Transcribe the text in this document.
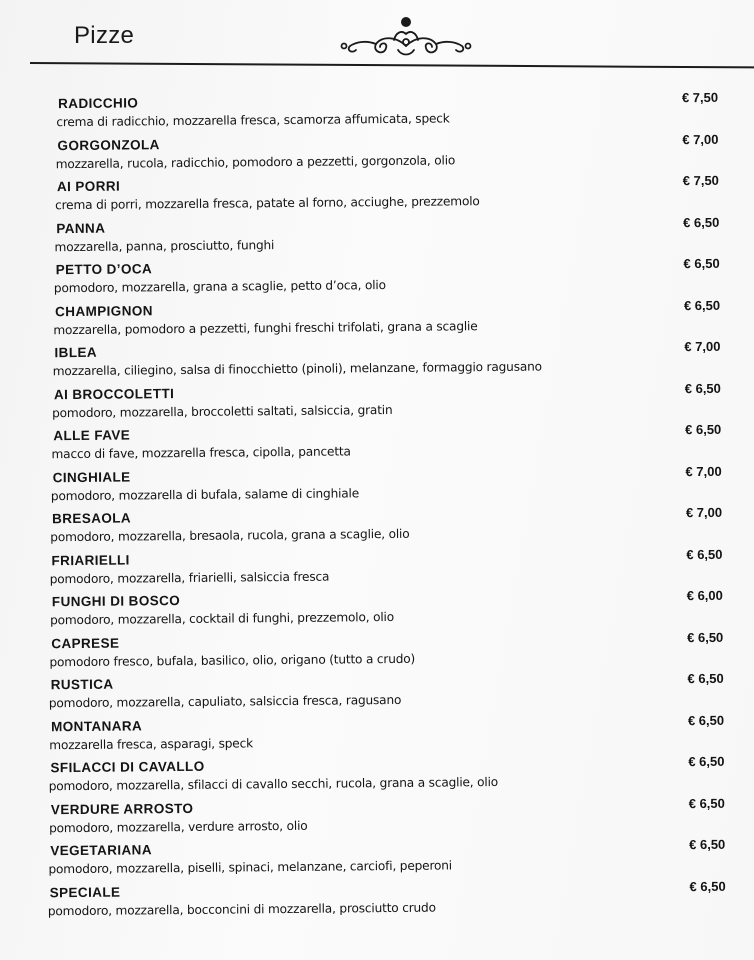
Pizze
RADICCHIO
crema di radicchio, mozzarella fresca, scamorza affumicata, speck
€ 7,50
GORGONZOLA
mozzarella, rucola, radicchio, pomodoro a pezzetti, gorgonzola, olio
€ 7,00
AI PORRI
crema di porri, mozzarella fresca, patate al forno, acciughe, prezzemolo
€ 7,50
PANNA
mozzarella, panna, prosciutto, funghi
€ 6,50
PETTO D’OCA
pomodoro, mozzarella, grana a scaglie, petto d’oca, olio
€ 6,50
CHAMPIGNON
mozzarella, pomodoro a pezzetti, funghi freschi trifolati, grana a scaglie
€ 6,50
IBLEA
mozzarella, ciliegino, salsa di finocchietto (pinoli), melanzane, formaggio ragusano
€ 7,00
AI BROCCOLETTI
pomodoro, mozzarella, broccoletti saltati, salsiccia, gratin
€ 6,50
ALLE FAVE
macco di fave, mozzarella fresca, cipolla, pancetta
€ 6,50
CINGHIALE
pomodoro, mozzarella di bufala, salame di cinghiale
€ 7,00
BRESAOLA
pomodoro, mozzarella, bresaola, rucola, grana a scaglie, olio
€ 7,00
FRIARIELLI
pomodoro, mozzarella, friarielli, salsiccia fresca
€ 6,50
FUNGHI DI BOSCO
pomodoro, mozzarella, cocktail di funghi, prezzemolo, olio
€ 6,00
CAPRESE
pomodoro fresco, bufala, basilico, olio, origano (tutto a crudo)
€ 6,50
RUSTICA
pomodoro, mozzarella, capuliato, salsiccia fresca, ragusano
€ 6,50
MONTANARA
mozzarella fresca, asparagi, speck
€ 6,50
SFILACCI DI CAVALLO
pomodoro, mozzarella, sfilacci di cavallo secchi, rucola, grana a scaglie, olio
€ 6,50
VERDURE ARROSTO
pomodoro, mozzarella, verdure arrosto, olio
€ 6,50
VEGETARIANA
pomodoro, mozzarella, piselli, spinaci, melanzane, carciofi, peperoni
€ 6,50
SPECIALE
pomodoro, mozzarella, bocconcini di mozzarella, prosciutto crudo
€ 6,50
